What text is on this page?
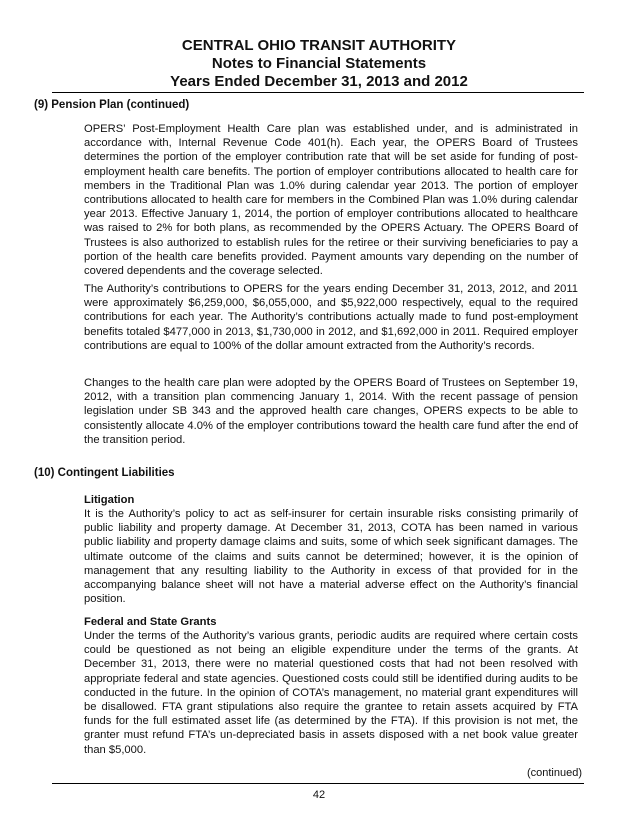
CENTRAL OHIO TRANSIT AUTHORITY
Notes to Financial Statements
Years Ended December 31, 2013 and 2012
(9) Pension Plan (continued)
OPERS’ Post-Employment Health Care plan was established under, and is administrated in accordance with, Internal Revenue Code 401(h). Each year, the OPERS Board of Trustees determines the portion of the employer contribution rate that will be set aside for funding of post-employment health care benefits. The portion of employer contributions allocated to health care for members in the Traditional Plan was 1.0% during calendar year 2013. The portion of employer contributions allocated to health care for members in the Combined Plan was 1.0% during calendar year 2013. Effective January 1, 2014, the portion of employer contributions allocated to healthcare was raised to 2% for both plans, as recommended by the OPERS Actuary. The OPERS Board of Trustees is also authorized to establish rules for the retiree or their surviving beneficiaries to pay a portion of the health care benefits provided. Payment amounts vary depending on the number of covered dependents and the coverage selected.
The Authority’s contributions to OPERS for the years ending December 31, 2013, 2012, and 2011 were approximately $6,259,000, $6,055,000, and $5,922,000 respectively, equal to the required contributions for each year. The Authority’s contributions actually made to fund post-employment benefits totaled $477,000 in 2013, $1,730,000 in 2012, and $1,692,000 in 2011. Required employer contributions are equal to 100% of the dollar amount extracted from the Authority’s records.
Changes to the health care plan were adopted by the OPERS Board of Trustees on September 19, 2012, with a transition plan commencing January 1, 2014. With the recent passage of pension legislation under SB 343 and the approved health care changes, OPERS expects to be able to consistently allocate 4.0% of the employer contributions toward the health care fund after the end of the transition period.
(10) Contingent Liabilities
Litigation
It is the Authority’s policy to act as self-insurer for certain insurable risks consisting primarily of public liability and property damage. At December 31, 2013, COTA has been named in various public liability and property damage claims and suits, some of which seek significant damages. The ultimate outcome of the claims and suits cannot be determined; however, it is the opinion of management that any resulting liability to the Authority in excess of that provided for in the accompanying balance sheet will not have a material adverse effect on the Authority’s financial position.
Federal and State Grants
Under the terms of the Authority’s various grants, periodic audits are required where certain costs could be questioned as not being an eligible expenditure under the terms of the grants. At December 31, 2013, there were no material questioned costs that had not been resolved with appropriate federal and state agencies. Questioned costs could still be identified during audits to be conducted in the future. In the opinion of COTA’s management, no material grant expenditures will be disallowed. FTA grant stipulations also require the grantee to retain assets acquired by FTA funds for the full estimated asset life (as determined by the FTA). If this provision is not met, the granter must refund FTA’s un-depreciated basis in assets disposed with a net book value greater than $5,000.
(continued)
42
